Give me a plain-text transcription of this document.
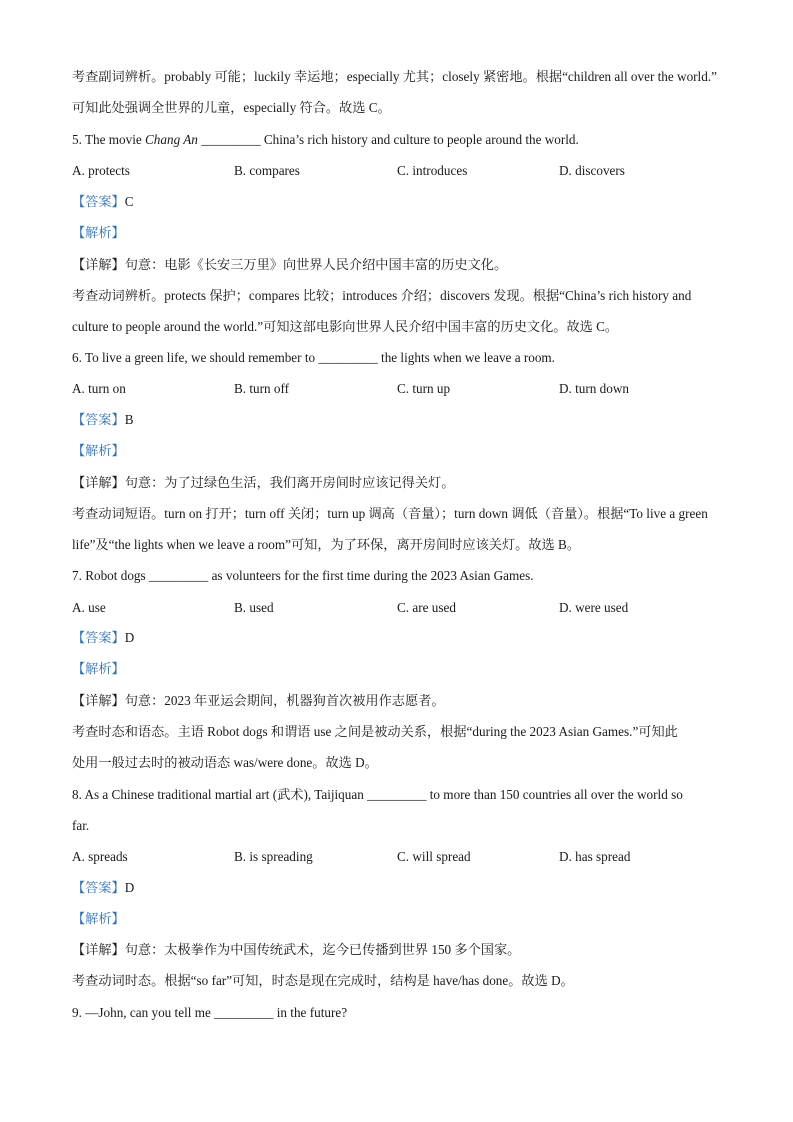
考查副词辨析。probably 可能；luckily 幸运地；especially 尤其；closely 紧密地。根据“children all over the world.”
可知此处强调全世界的儿童，especially 符合。故选 C。
5. The movie Chang An _________ China’s rich history and culture to people around the world.
A. protects	B. compares	C. introduces	D. discovers
【答案】C
【解析】
【详解】句意：电影《长安三万里》向世界人民介绍中国丰富的历史文化。
考查动词辨析。protects 保护；compares 比较；introduces 介绍；discovers 发现。根据“China’s rich history and
culture to people around the world.”可知这部电影向世界人民介绍中国丰富的历史文化。故选 C。
6. To live a green life, we should remember to _________ the lights when we leave a room.
A. turn on	B. turn off	C. turn up	D. turn down
【答案】B
【解析】
【详解】句意：为了过绿色生活，我们离开房间时应该记得关灯。
考查动词短语。turn on 打开；turn off 关闭；turn up 调高（音量）；turn down 调低（音量）。根据“To live a green
life”及“the lights when we leave a room”可知，为了环保，离开房间时应该关灯。故选 B。
7. Robot dogs _________ as volunteers for the first time during the 2023 Asian Games.
A. use	B. used	C. are used	D. were used
【答案】D
【解析】
【详解】句意：2023 年亚运会期间，机器狗首次被用作志愿者。
考查时态和语态。主语 Robot dogs 和谓语 use 之间是被动关系，根据“during the 2023 Asian Games.”可知此
处用一般过去时的被动语态 was/were done。故选 D。
8. As a Chinese traditional martial art (武术), Taijiquan _________ to more than 150 countries all over the world so
far.
A. spreads	B. is spreading	C. will spread	D. has spread
【答案】D
【解析】
【详解】句意：太极拳作为中国传统武术，迄今已传播到世界 150 多个国家。
考查动词时态。根据“so far”可知，时态是现在完成时，结构是 have/has done。故选 D。
9. —John, can you tell me _________ in the future?
